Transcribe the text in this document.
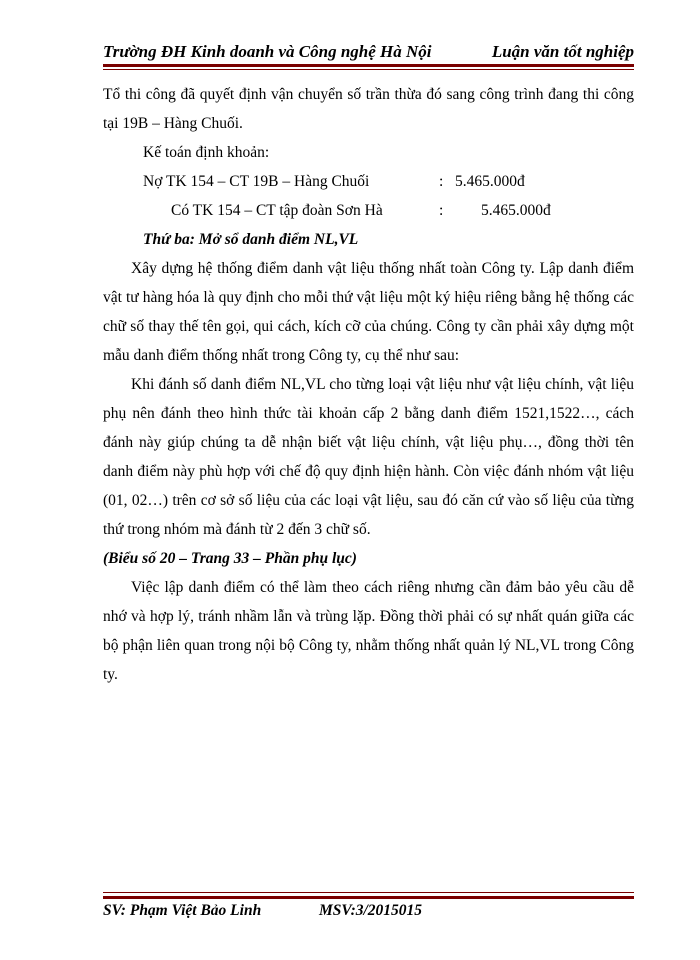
Trường ĐH Kinh doanh và Công nghệ Hà Nội	Luận văn tốt nghiệp

Tổ thi công đã quyết định vận chuyển số trần thừa đó sang công trình đang thi công tại 19B – Hàng Chuối.

Kế toán định khoản:
Nợ TK 154 – CT 19B – Hàng Chuối	: 5.465.000đ
Có TK 154 – CT tập đoàn Sơn Hà	: 5.465.000đ
Thứ ba: Mở sổ danh điểm NL,VL

Xây dựng hệ thống điểm danh vật liệu thống nhất toàn Công ty. Lập danh điểm vật tư hàng hóa là quy định cho mỗi thứ vật liệu một ký hiệu riêng bằng hệ thống các chữ số thay thế tên gọi, qui cách, kích cỡ của chúng. Công ty cần phải xây dựng một mẫu danh điểm thống nhất trong Công ty, cụ thể như sau:

Khi đánh số danh điểm NL,VL cho từng loại vật liệu như vật liệu chính, vật liệu phụ nên đánh theo hình thức tài khoản cấp 2 bằng danh điểm 1521,1522…, cách đánh này giúp chúng ta dễ nhận biết vật liệu chính, vật liệu phụ…, đồng thời tên danh điểm này phù hợp với chế độ quy định hiện hành. Còn việc đánh nhóm vật liệu (01, 02…) trên cơ sở số liệu của các loại vật liệu, sau đó căn cứ vào số liệu của từng thứ trong nhóm mà đánh từ 2 đến 3 chữ số.

(Biểu số 20 – Trang 33 – Phần phụ lục)

Việc lập danh điểm có thể làm theo cách riêng nhưng cần đảm bảo yêu cầu dễ nhớ và hợp lý, tránh nhầm lẫn và trùng lặp. Đồng thời phải có sự nhất quán giữa các bộ phận liên quan trong nội bộ Công ty, nhằm thống nhất quản lý NL,VL trong Công ty.

SV: Phạm Việt Bảo Linh	MSV:3/2015015
